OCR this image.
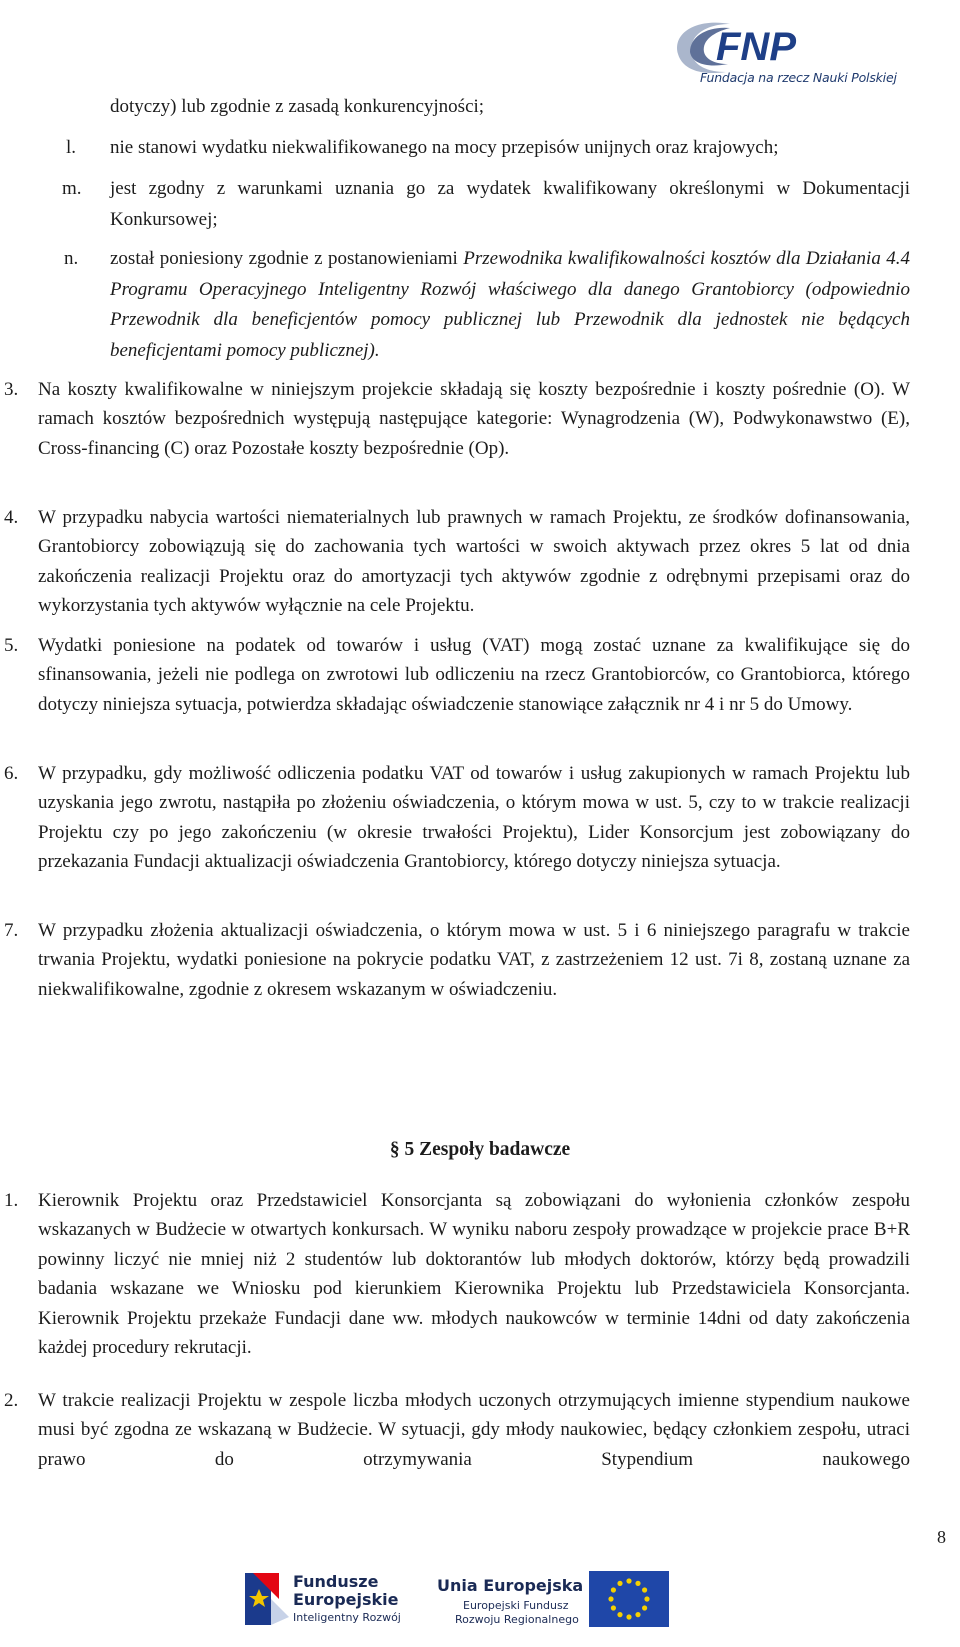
FNP
Fundacja na rzecz Nauki Polskiej

dotyczy) lub zgodnie z zasadą konkurencyjności;

l. nie stanowi wydatku niekwalifikowanego na mocy przepisów unijnych oraz krajowych;

m. jest zgodny z warunkami uznania go za wydatek kwalifikowany określonymi w Dokumentacji Konkursowej;

n. został poniesiony zgodnie z postanowieniami Przewodnika kwalifikowalności kosztów dla Działania 4.4 Programu Operacyjnego Inteligentny Rozwój właściwego dla danego Grantobiorcy (odpowiednio Przewodnik dla beneficjentów pomocy publicznej lub Przewodnik dla jednostek nie będących beneficjentami pomocy publicznej).

3. Na koszty kwalifikowalne w niniejszym projekcie składają się koszty bezpośrednie i koszty pośrednie (O). W ramach kosztów bezpośrednich występują następujące kategorie: Wynagrodzenia (W), Podwykonawstwo (E), Cross-financing (C) oraz Pozostałe koszty bezpośrednie (Op).

4. W przypadku nabycia wartości niematerialnych lub prawnych w ramach Projektu, ze środków dofinansowania, Grantobiorcy zobowiązują się do zachowania tych wartości w swoich aktywach przez okres 5 lat od dnia zakończenia realizacji Projektu oraz do amortyzacji tych aktywów zgodnie z odrębnymi przepisami oraz do wykorzystania tych aktywów wyłącznie na cele Projektu.

5. Wydatki poniesione na podatek od towarów i usług (VAT) mogą zostać uznane za kwalifikujące się do sfinansowania, jeżeli nie podlega on zwrotowi lub odliczeniu na rzecz Grantobiorców, co Grantobiorca, którego dotyczy niniejsza sytuacja, potwierdza składając oświadczenie stanowiące załącznik nr 4 i nr 5 do Umowy.

6. W przypadku, gdy możliwość odliczenia podatku VAT od towarów i usług zakupionych w ramach Projektu lub uzyskania jego zwrotu, nastąpiła po złożeniu oświadczenia, o którym mowa w ust. 5, czy to w trakcie realizacji Projektu czy po jego zakończeniu (w okresie trwałości Projektu), Lider Konsorcjum jest zobowiązany do przekazania Fundacji aktualizacji oświadczenia Grantobiorcy, którego dotyczy niniejsza sytuacja.

7. W przypadku złożenia aktualizacji oświadczenia, o którym mowa w ust. 5 i 6 niniejszego paragrafu w trakcie trwania Projektu, wydatki poniesione na pokrycie podatku VAT, z zastrzeżeniem 12 ust. 7i 8, zostaną uznane za niekwalifikowalne, zgodnie z okresem wskazanym w oświadczeniu.

§ 5 Zespoły badawcze
1. Kierownik Projektu oraz Przedstawiciel Konsorcjanta są zobowiązani do wyłonienia członków zespołu wskazanych w Budżecie w otwartych konkursach. W wyniku naboru zespoły prowadzące w projekcie prace B+R powinny liczyć nie mniej niż 2 studentów lub doktorantów lub młodych doktorów, którzy będą prowadzili badania wskazane we Wniosku pod kierunkiem Kierownika Projektu lub Przedstawiciela Konsorcjanta. Kierownik Projektu przekaże Fundacji dane ww. młodych naukowców w terminie 14dni od daty zakończenia każdej procedury rekrutacji.

2. W trakcie realizacji Projektu w zespole liczba młodych uczonych otrzymujących imienne stypendium naukowe musi być zgodna ze wskazaną w Budżecie. W sytuacji, gdy młody naukowiec, będący członkiem zespołu, utraci prawo do otrzymywania Stypendium naukowego

8
Fundusze
Europejskie
Inteligentny Rozwój
Unia Europejska
Europejski Fundusz
Rozwoju Regionalnego
